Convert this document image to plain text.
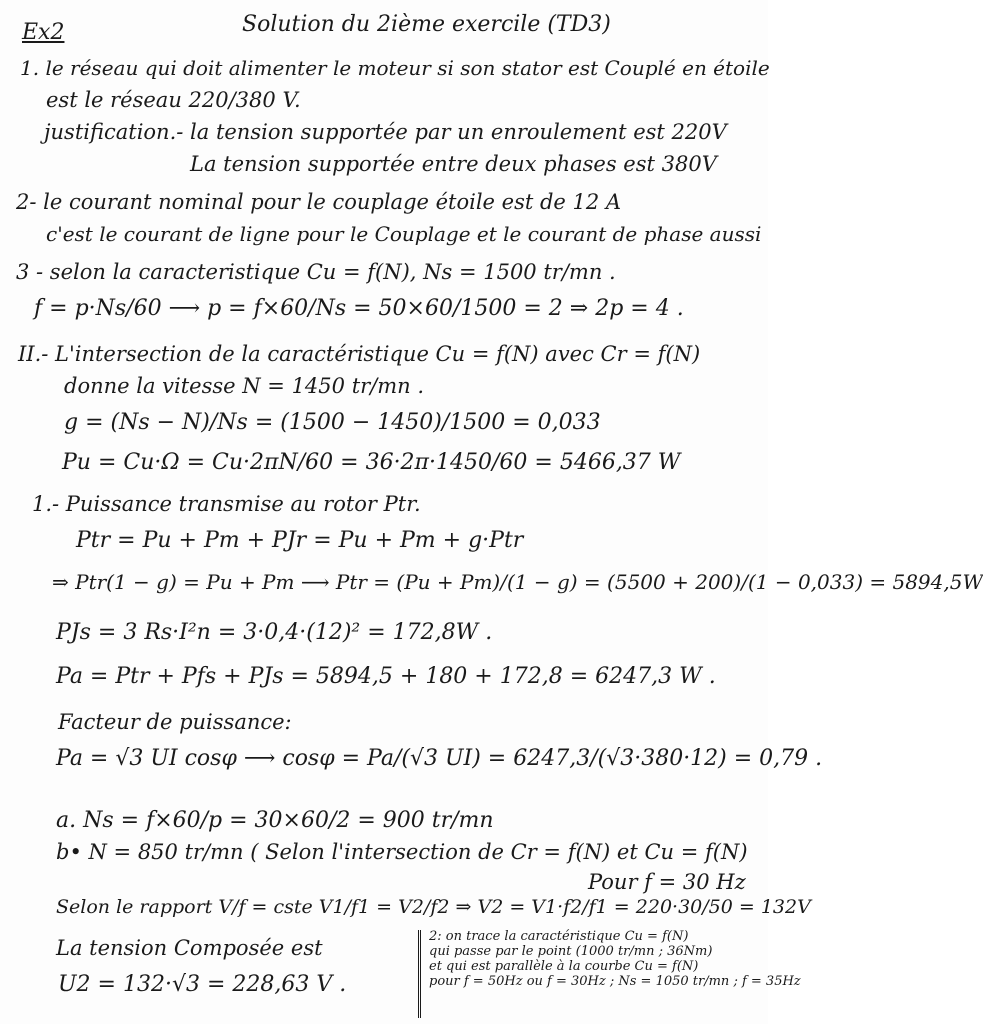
Ex2	Solution du 2ième exercile (TD3)
1. le réseau qui doit alimenter le moteur si son stator est Couplé en étoile
est le réseau 220/380 V.
justification.- la tension supportée par un enroulement est 220V
La tension supportée entre deux phases est 380V
2- le courant nominal pour le couplage étoile est de 12 A
c'est le courant de ligne pour le Couplage et le courant de phase aussi
3 - selon la caracteristique Cu = f(N), Ns = 1500 tr/mn .
f = p·Ns/60 ⟶ p = f×60/Ns = 50×60/1500 = 2 ⇒ 2p = 4 .
II.- L'intersection de la caractéristique Cu = f(N) avec Cr = f(N)
donne la vitesse N = 1450 tr/mn .
g = (Ns − N)/Ns = (1500 − 1450)/1500 = 0,033
Pu = Cu·Ω = Cu·2πN/60 = 36·2π·1450/60 = 5466,37 W
1.- Puissance transmise au rotor Ptr.
Ptr = Pu + Pm + PJr = Pu + Pm + g·Ptr
⇒ Ptr(1 − g) = Pu + Pm ⟶ Ptr = (Pu + Pm)/(1 − g) = (5500 + 200)/(1 − 0,033) = 5894,5W
PJs = 3 Rs·I²n = 3·0,4·(12)² = 172,8W .
Pa = Ptr + Pfs + PJs = 5894,5 + 180 + 172,8 = 6247,3 W .
Facteur de puissance:
Pa = √3 UI cosφ ⟶ cosφ = Pa/(√3 UI) = 6247,3/(√3·380·12) = 0,79 .
a. Ns = f×60/p = 30×60/2 = 900 tr/mn
b• N = 850 tr/mn ( Selon l'intersection de Cr = f(N) et Cu = f(N)
Pour f = 30 Hz
Selon le rapport V/f = cste V1/f1 = V2/f2 ⇒ V2 = V1·f2/f1 = 220·30/50 = 132V
La tension Composée est
U2 = 132·√3 = 228,63 V .
2: on trace la caractéristique Cu = f(N)
qui passe par le point (1000 tr/mn ; 36Nm)
et qui est parallèle à la courbe Cu = f(N)
pour f = 50Hz ou f = 30Hz ; Ns = 1050 tr/mn ; f = 35Hz
